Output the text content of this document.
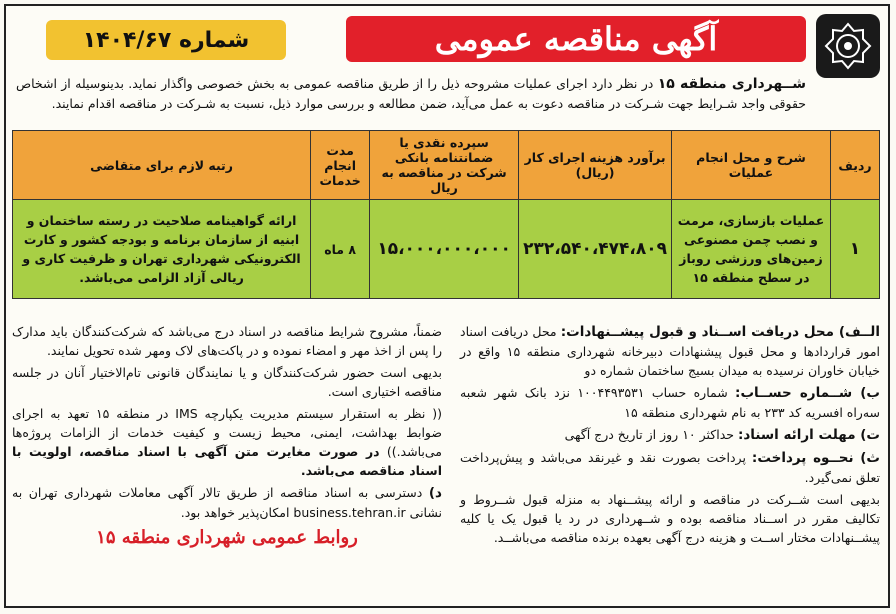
آگهی مناقصه عمومی
شماره ۱۴۰۴/۶۷
شــهرداری منطقه ۱۵ در نظر دارد اجرای عملیات مشروحه ذیل را از طریق مناقصه عمومی به بخش خصوصی واگذار نماید. بدینوسیله از اشخاص حقوقی واجد شـرایط جهت شـرکت در مناقصه دعوت به عمل می‌آید، ضمن مطالعه و بررسی موارد ذیل، نسبت به شـرکت در مناقصه اقدام نمایند.
ردیف	شرح و محل انجام عملیات	برآورد هزینه اجرای کار (ریال)	سپرده نقدی یا ضمانتنامه بانکی شرکت در مناقصه به ریال	مدت انجام خدمات	رتبه لازم برای متقاضی
۱	عملیات بازسازی، مرمت و نصب چمن مصنوعی زمین‌های ورزشی روباز در سطح منطقه ۱۵	۲۳۲،۵۴۰،۴۷۴،۸۰۹	۱۵،۰۰۰،۰۰۰،۰۰۰	۸ ماه	ارائه گواهینامه صلاحیت در رسته ساختمان و ابنیه از سازمان برنامه و بودجه کشور و کارت الکترونیکی شهرداری تهران و ظرفیت کاری و ریالی آزاد الزامی می‌باشد.

الــف) محل دریافت اســناد و قبول پیشــنهادات: محل دریافت اسناد امور قراردادها و محل قبول پیشنهادات دبیرخانه شهرداری منطقه ۱۵ واقع در خیابان خاوران نرسیده به میدان بسیج ساختمان شماره دو

ب) شــماره حســاب: شماره حساب ۱۰۰۴۴۹۳۵۳۱ نزد بانک شهر شعبه سه‌راه افسریه کد ۲۳۳ به نام شهرداری منطقه ۱۵

ت) مهلت ارائه اسناد: حداکثر ۱۰ روز از تاریخ درج آگهی

ث) نحــوه پرداخت: پرداخت بصورت نقد و غیرنقد می‌باشد و پیش‌پرداخت تعلق نمی‌گیرد.

بدیهی است شــرکت در مناقصه و ارائه پیشــنهاد به منزله قبول شــروط و تکالیف مقرر در اســناد مناقصه بوده و شــهرداری در رد یا قبول یک یا کلیه پیشــنهادات مختار اســت و هزینه درج آگهی بعهده برنده مناقصه می‌باشــد.

ضمناً، مشروح شرایط مناقصه در اسناد درج می‌باشد که شرکت‌کنندگان باید مدارک را پس از اخذ مهر و امضاء نموده و در پاکت‌های لاک ومهر شده تحویل نمایند.

بدیهی است حضور شرکت‌کنندگان و یا نمایندگان قانونی تام‌الاختیار آنان در جلسه مناقصه اختیاری است.

(( نظر به استقرار سیستم مدیریت یکپارچه IMS در منطقه ۱۵ تعهد به اجرای ضوابط بهداشت، ایمنی، محیط زیست و کیفیت خدمات از الزامات پروژه‌ها می‌باشد.)) در صورت مغایرت متن آگهی با اسناد مناقصه، اولویت با اسناد مناقصه می‌باشد.

د) دسترسی به اسناد مناقصه از طریق تالار آگهی معاملات شهرداری تهران به نشانی business.tehran.ir امکان‌پذیر خواهد بود.

روابط عمومی شهرداری منطقه ۱۵
